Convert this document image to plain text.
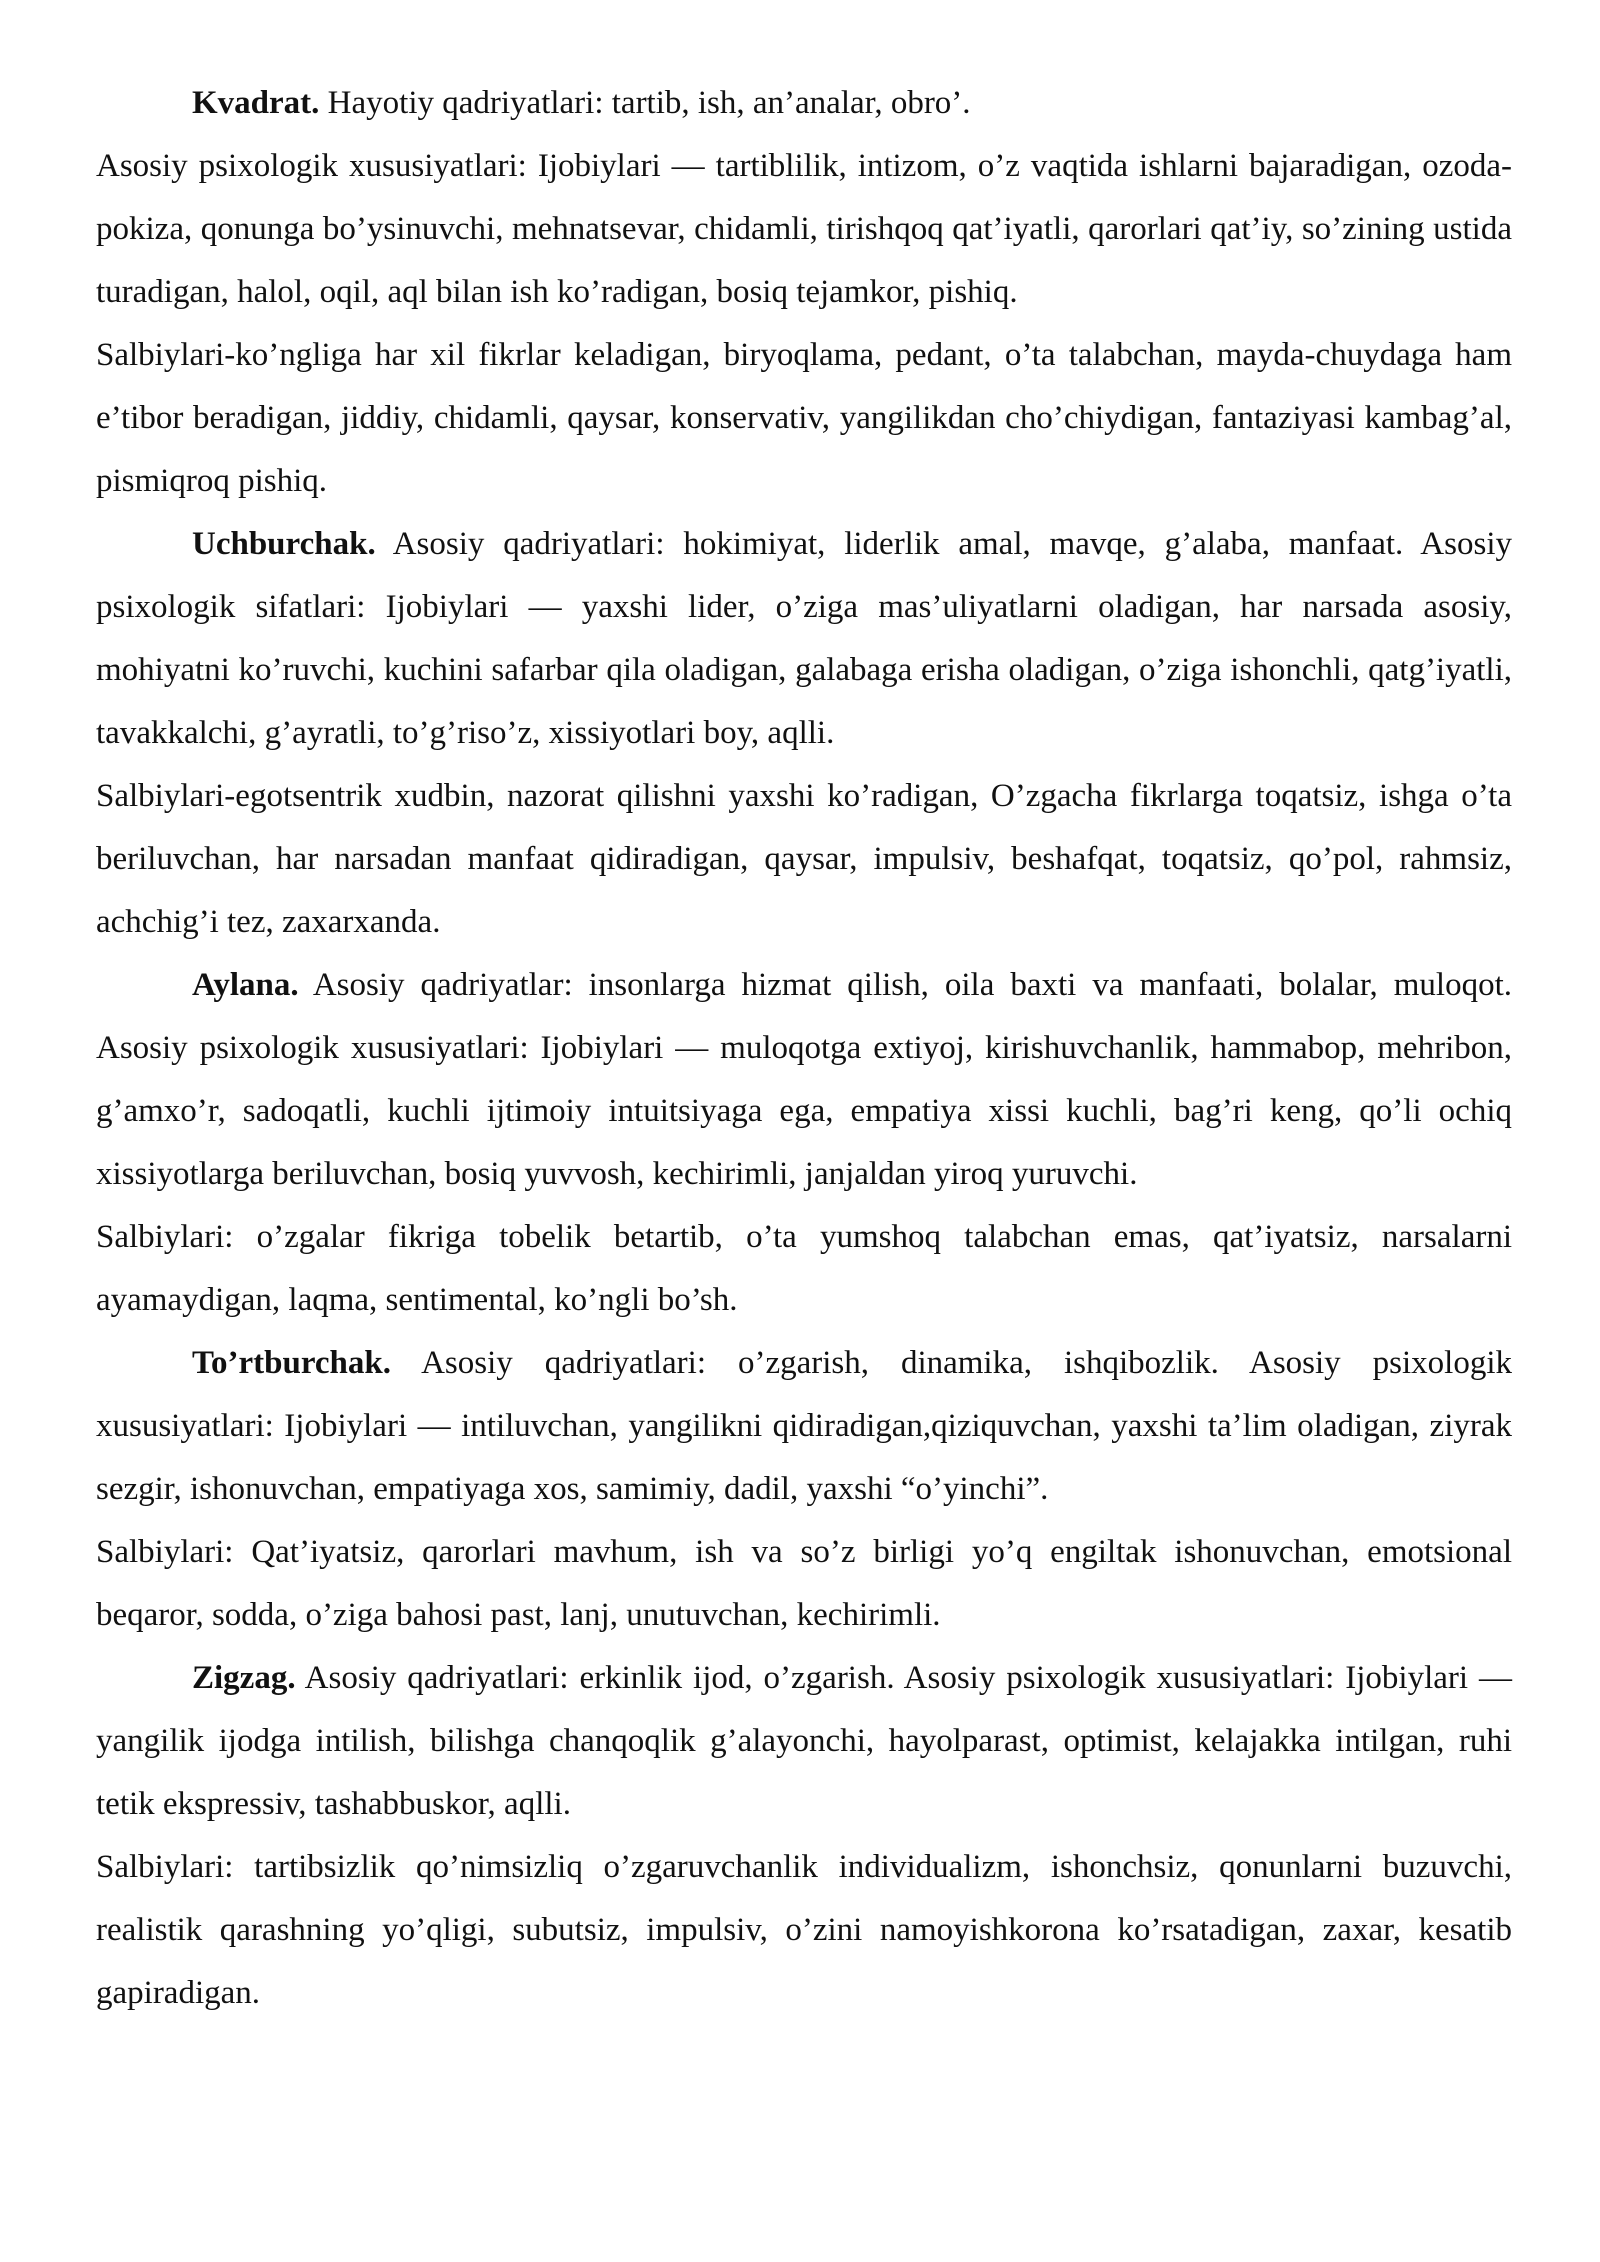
Kvadrat. Hayotiy qadriyatlari: tartib, ish, an’analar, obro’.

Asosiy psixologik xususiyatlari: Ijobiylari — tartiblilik, intizom, o’z vaqtida ishlarni bajaradigan, ozoda-pokiza, qonunga bo’ysinuvchi, mehnatsevar, chidamli, tirishqoq qat’iyatli, qarorlari qat’iy, so’zining ustida turadigan, halol, oqil, aql bilan ish ko’radigan, bosiq tejamkor, pishiq.

Salbiylari-ko’ngliga har xil fikrlar keladigan, biryoqlama, pedant, o’ta talabchan, mayda-chuydaga ham e’tibor beradigan, jiddiy, chidamli, qaysar, konservativ, yangilikdan cho’chiydigan, fantaziyasi kambag’al, pismiqroq pishiq.

Uchburchak. Asosiy qadriyatlari: hokimiyat, liderlik amal, mavqe, g’alaba, manfaat. Asosiy psixologik sifatlari: Ijobiylari — yaxshi lider, o’ziga mas’uliyatlarni oladigan, har narsada asosiy, mohiyatni ko’ruvchi, kuchini safarbar qila oladigan, galabaga erisha oladigan, o’ziga ishonchli, qatg’iyatli, tavakkalchi, g’ayratli, to’g’riso’z, xissiyotlari boy, aqlli.

Salbiylari-egotsentrik xudbin, nazorat qilishni yaxshi ko’radigan, O’zgacha fikrlarga toqatsiz, ishga o’ta beriluvchan, har narsadan manfaat qidiradigan, qaysar, impulsiv, beshafqat, toqatsiz, qo’pol, rahmsiz, achchig’i tez, zaxarxanda.

Aylana. Asosiy qadriyatlar: insonlarga hizmat qilish, oila baxti va manfaati, bolalar, muloqot. Asosiy psixologik xususiyatlari: Ijobiylari — muloqotga extiyoj, kirishuvchanlik, hammabop, mehribon, g’amxo’r, sadoqatli, kuchli ijtimoiy intuitsiyaga ega, empatiya xissi kuchli, bag’ri keng, qo’li ochiq xissiyotlarga beriluvchan, bosiq yuvvosh, kechirimli, janjaldan yiroq yuruvchi.

Salbiylari: o’zgalar fikriga tobelik betartib, o’ta yumshoq talabchan emas, qat’iyatsiz, narsalarni ayamaydigan, laqma, sentimental, ko’ngli bo’sh.

To’rtburchak. Asosiy qadriyatlari: o’zgarish, dinamika, ishqibozlik. Asosiy psixologik xususiyatlari: Ijobiylari — intiluvchan, yangilikni qidiradigan,qiziquvchan, yaxshi ta’lim oladigan, ziyrak sezgir, ishonuvchan, empatiyaga xos, samimiy, dadil, yaxshi “o’yinchi”.

Salbiylari: Qat’iyatsiz, qarorlari mavhum, ish va so’z birligi yo’q engiltak ishonuvchan, emotsional beqaror, sodda, o’ziga bahosi past, lanj, unutuvchan, kechirimli.

Zigzag. Asosiy qadriyatlari: erkinlik ijod, o’zgarish. Asosiy psixologik xususiyatlari: Ijobiylari — yangilik ijodga intilish, bilishga chanqoqlik g’alayonchi, hayolparast, optimist, kelajakka intilgan, ruhi tetik ekspressiv, tashabbuskor, aqlli.

Salbiylari: tartibsizlik qo’nimsizliq o’zgaruvchanlik individualizm, ishonchsiz, qonunlarni buzuvchi, realistik qarashning yo’qligi, subutsiz, impulsiv, o’zini namoyishkorona ko’rsatadigan, zaxar, kesatib gapiradigan.
